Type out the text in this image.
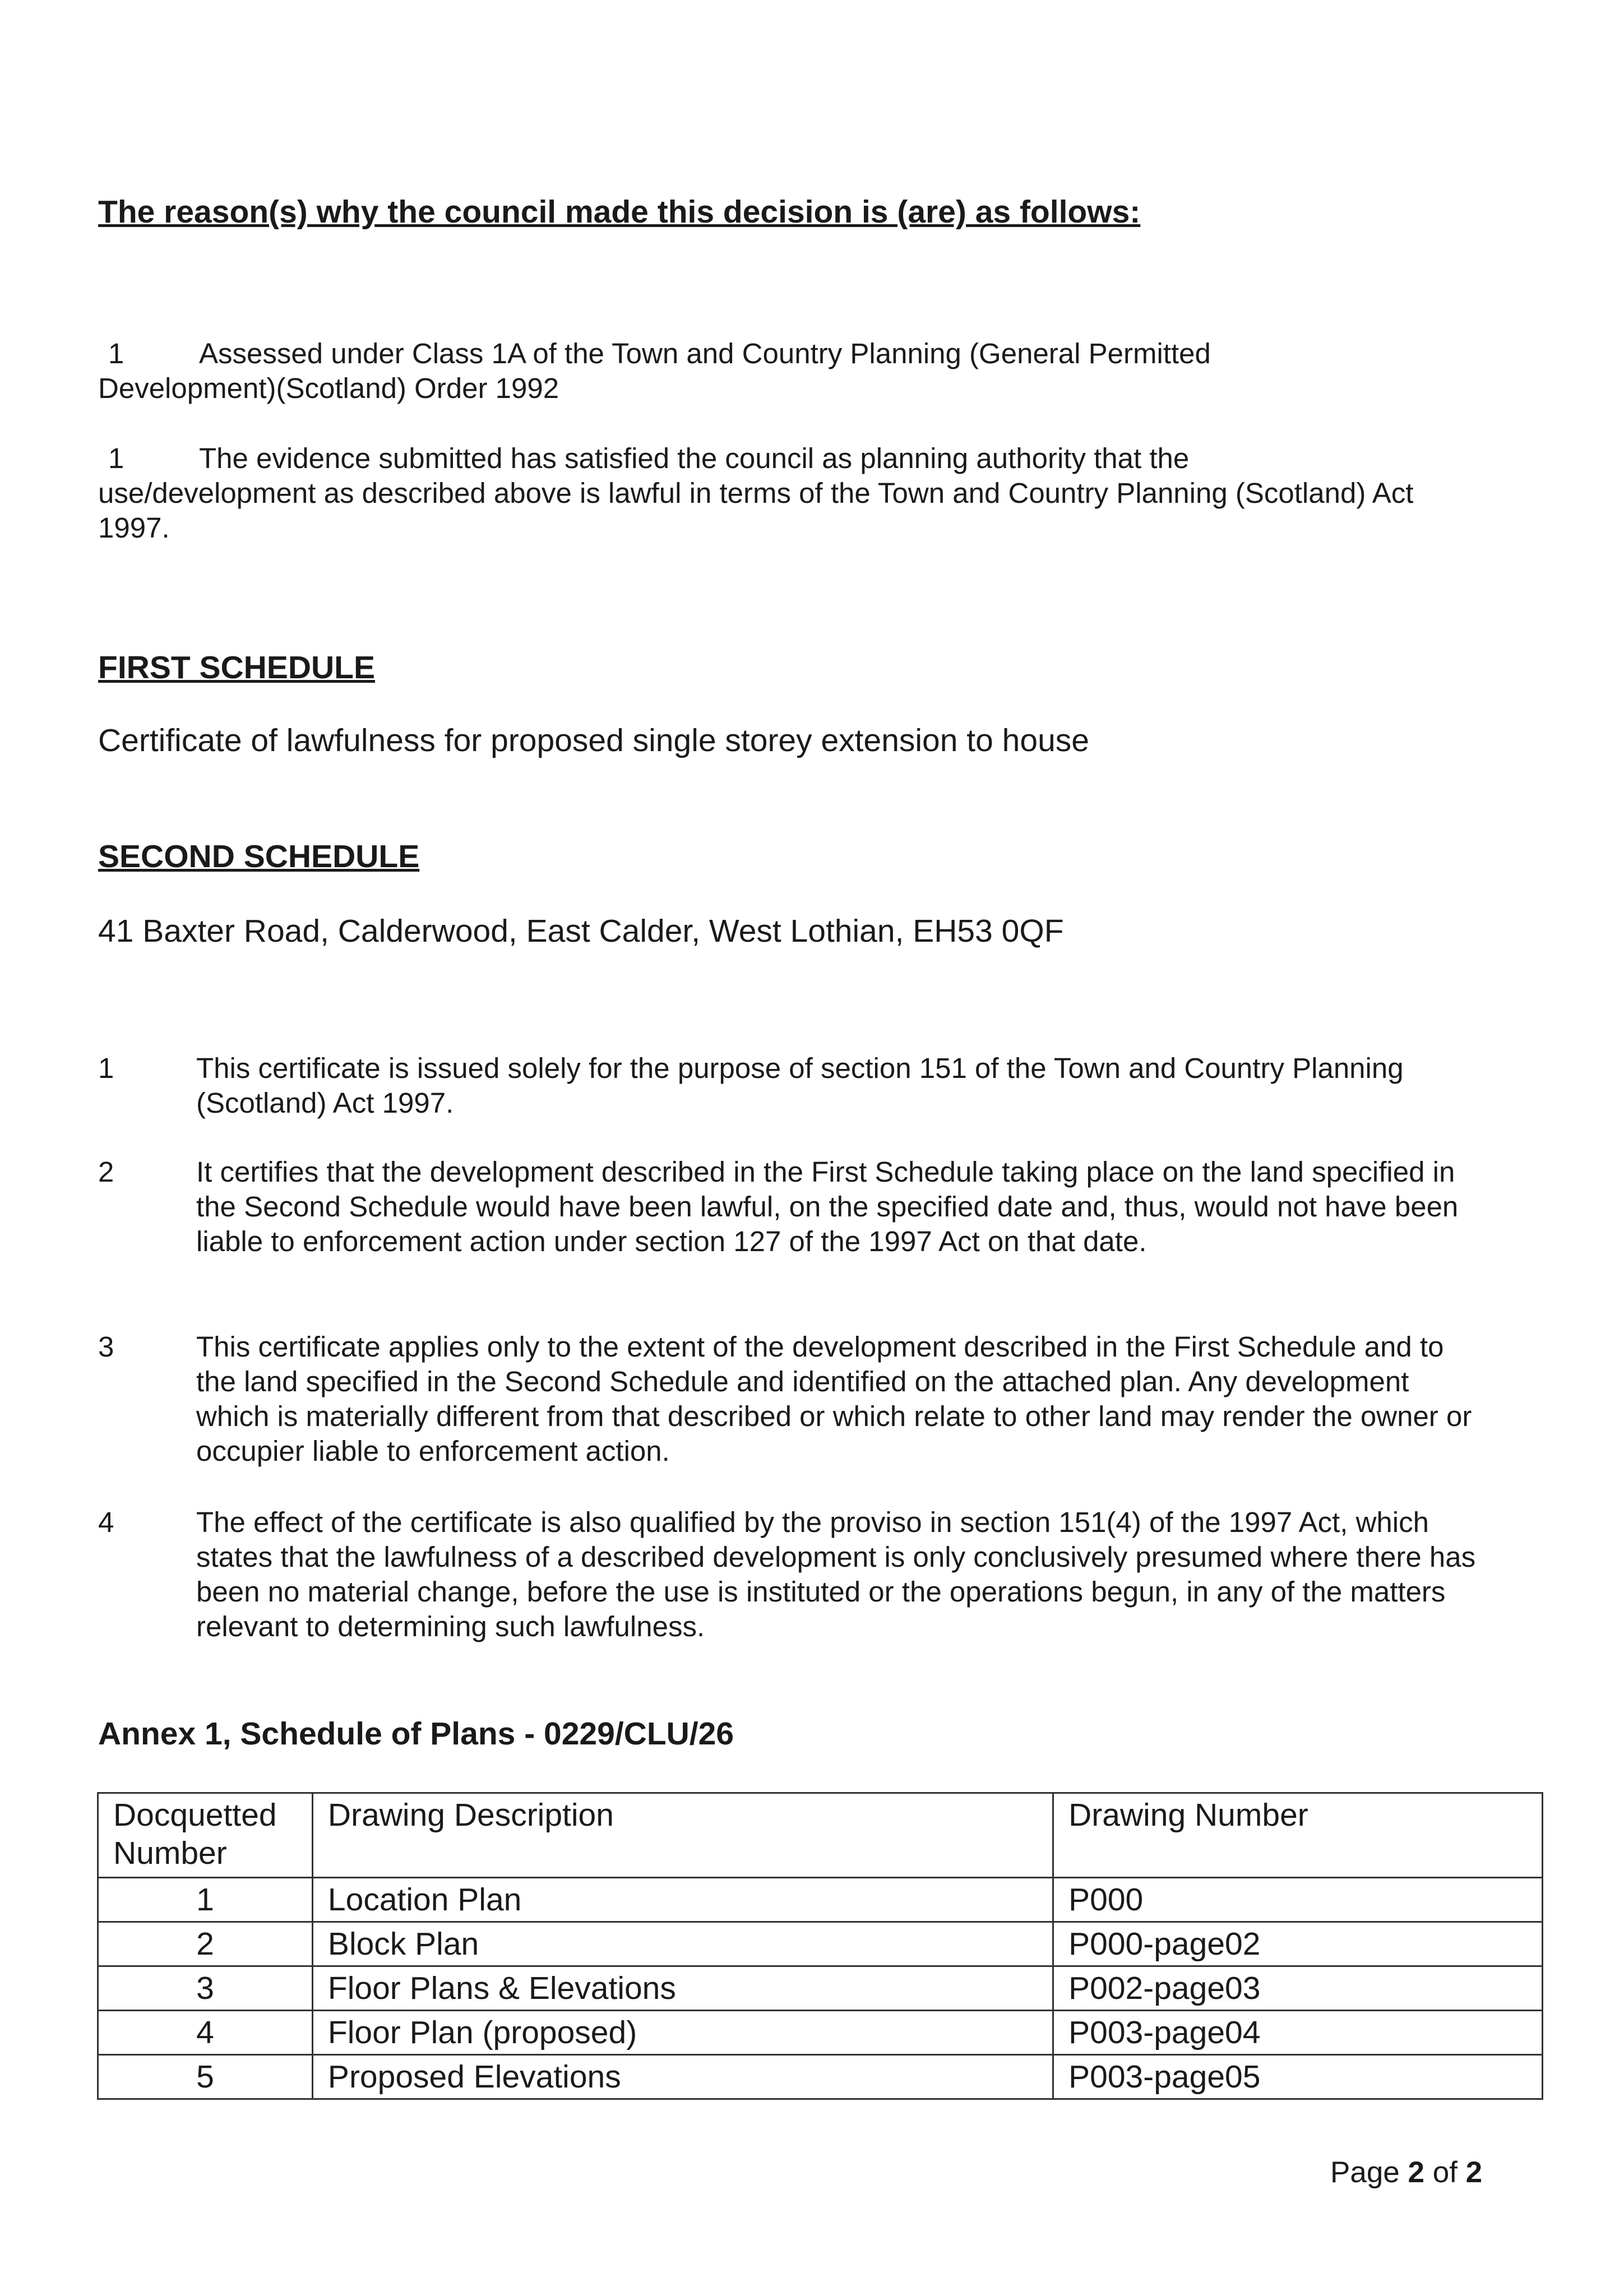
The reason(s) why the council made this decision is (are) as follows:
1	Assessed under Class 1A of the Town and Country Planning (General Permitted
Development)(Scotland) Order 1992
1	The evidence submitted has satisfied the council as planning authority that the
use/development as described above is lawful in terms of the Town and Country Planning (Scotland) Act 1997.
FIRST SCHEDULE
Certificate of lawfulness for proposed single storey extension to house
SECOND SCHEDULE
41 Baxter Road, Calderwood, East Calder, West Lothian, EH53 0QF
1	This certificate is issued solely for the purpose of section 151 of the Town and Country Planning (Scotland) Act 1997.
2	It certifies that the development described in the First Schedule taking place on the land specified in the Second Schedule would have been lawful, on the specified date and, thus, would not have been liable to enforcement action under section 127 of the 1997 Act on that date.
3	This certificate applies only to the extent of the development described in the First Schedule and to the land specified in the Second Schedule and identified on the attached plan. Any development which is materially different from that described or which relate to other land may render the owner or occupier liable to enforcement action.
4	The effect of the certificate is also qualified by the proviso in section 151(4) of the 1997 Act, which states that the lawfulness of a described development is only conclusively presumed where there has been no material change, before the use is instituted or the operations begun, in any of the matters relevant to determining such lawfulness.
Annex 1, Schedule of Plans - 0229/CLU/26
Docquetted Number	Drawing Description	Drawing Number
1	Location Plan	P000
2	Block Plan	P000-page02
3	Floor Plans & Elevations	P002-page03
4	Floor Plan (proposed)	P003-page04
5	Proposed Elevations	P003-page05
Page 2 of 2
